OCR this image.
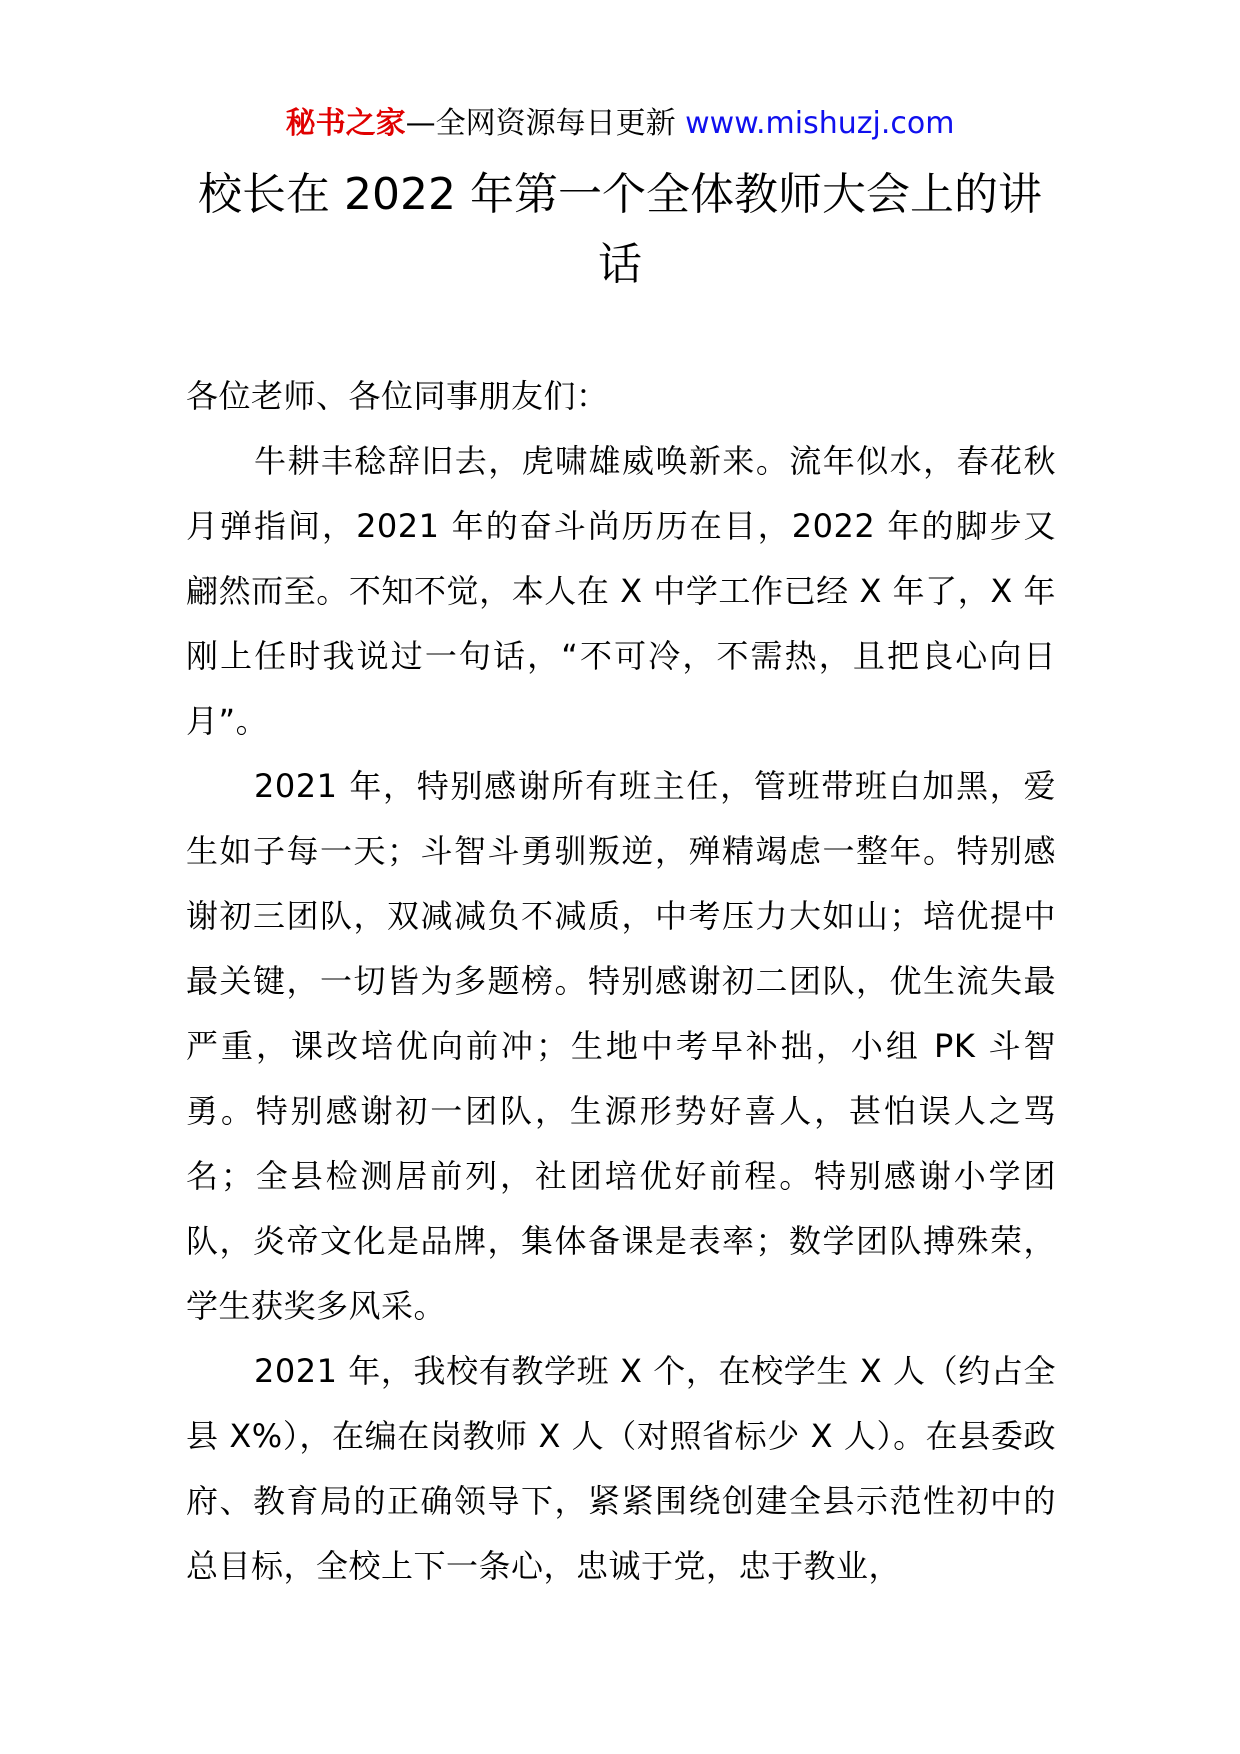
秘书之家—全网资源每日更新 www.mishuzj.com
校长在 2022 年第一个全体教师大会上的讲话

各位老师、各位同事朋友们：

牛耕丰稔辞旧去，虎啸雄威唤新来。流年似水，春花秋月弹指间，2021 年的奋斗尚历历在目，2022 年的脚步又翩然而至。不知不觉，本人在 X 中学工作已经 X 年了，X 年刚上任时我说过一句话，“不可冷，不需热，且把良心向日月”。

2021 年，特别感谢所有班主任，管班带班白加黑，爱生如子每一天；斗智斗勇驯叛逆，殚精竭虑一整年。特别感谢初三团队，双减减负不减质，中考压力大如山；培优提中最关键，一切皆为多题榜。特别感谢初二团队，优生流失最严重，课改培优向前冲；生地中考早补拙，小组 PK 斗智勇。特别感谢初一团队，生源形势好喜人，甚怕误人之骂名；全县检测居前列，社团培优好前程。特别感谢小学团队，炎帝文化是品牌，集体备课是表率；数学团队搏殊荣，学生获奖多风采。

2021 年，我校有教学班 X 个，在校学生 X 人（约占全县 X%），在编在岗教师 X 人（对照省标少 X 人）。在县委政府、教育局的正确领导下，紧紧围绕创建全县示范性初中的总目标，全校上下一条心，忠诚于党，忠于教业，
